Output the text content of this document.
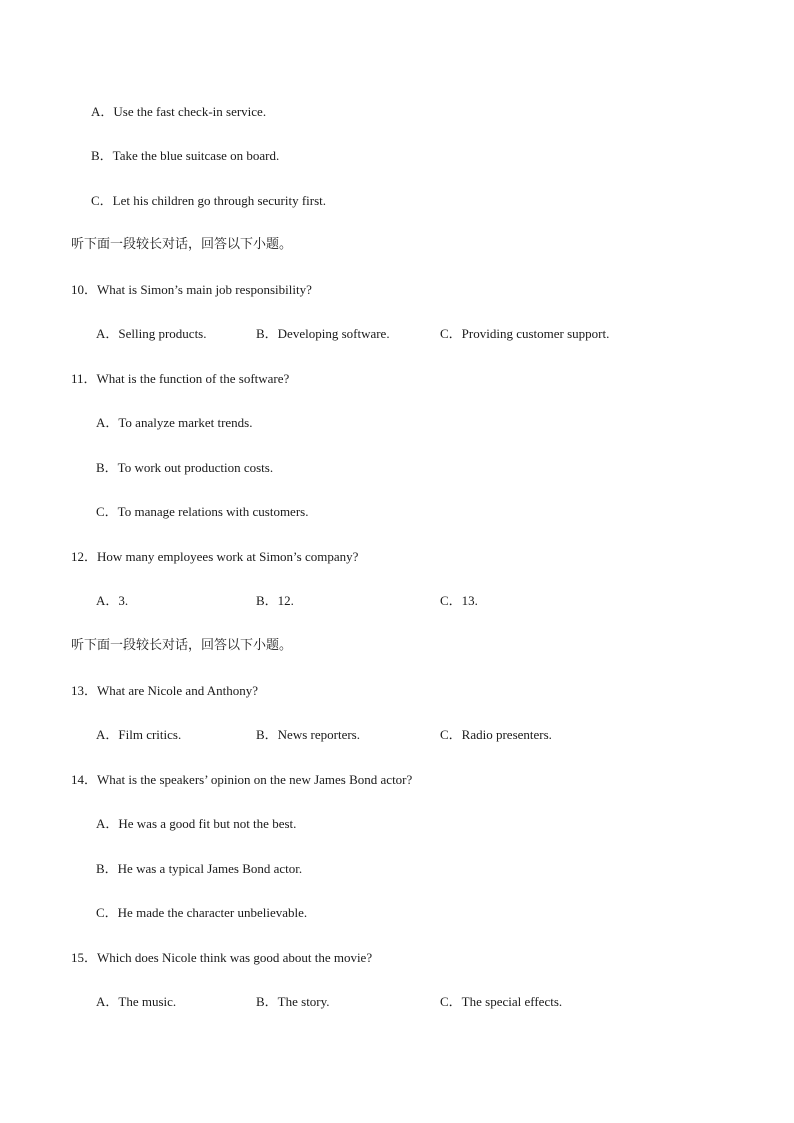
A．Use the fast check-in service.
B．Take the blue suitcase on board.
C．Let his children go through security first.
听下面一段较长对话，回答以下小题。
10．What is Simon’s main job responsibility?
A．Selling products.	B．Developing software.	C．Providing customer support.
11．What is the function of the software?
A．To analyze market trends.
B．To work out production costs.
C．To manage relations with customers.
12．How many employees work at Simon’s company?
A．3.	B．12.	C．13.
听下面一段较长对话，回答以下小题。
13．What are Nicole and Anthony?
A．Film critics.	B．News reporters.	C．Radio presenters.
14．What is the speakers’ opinion on the new James Bond actor?
A．He was a good fit but not the best.
B．He was a typical James Bond actor.
C．He made the character unbelievable.
15．Which does Nicole think was good about the movie?
A．The music.	B．The story.	C．The special effects.
